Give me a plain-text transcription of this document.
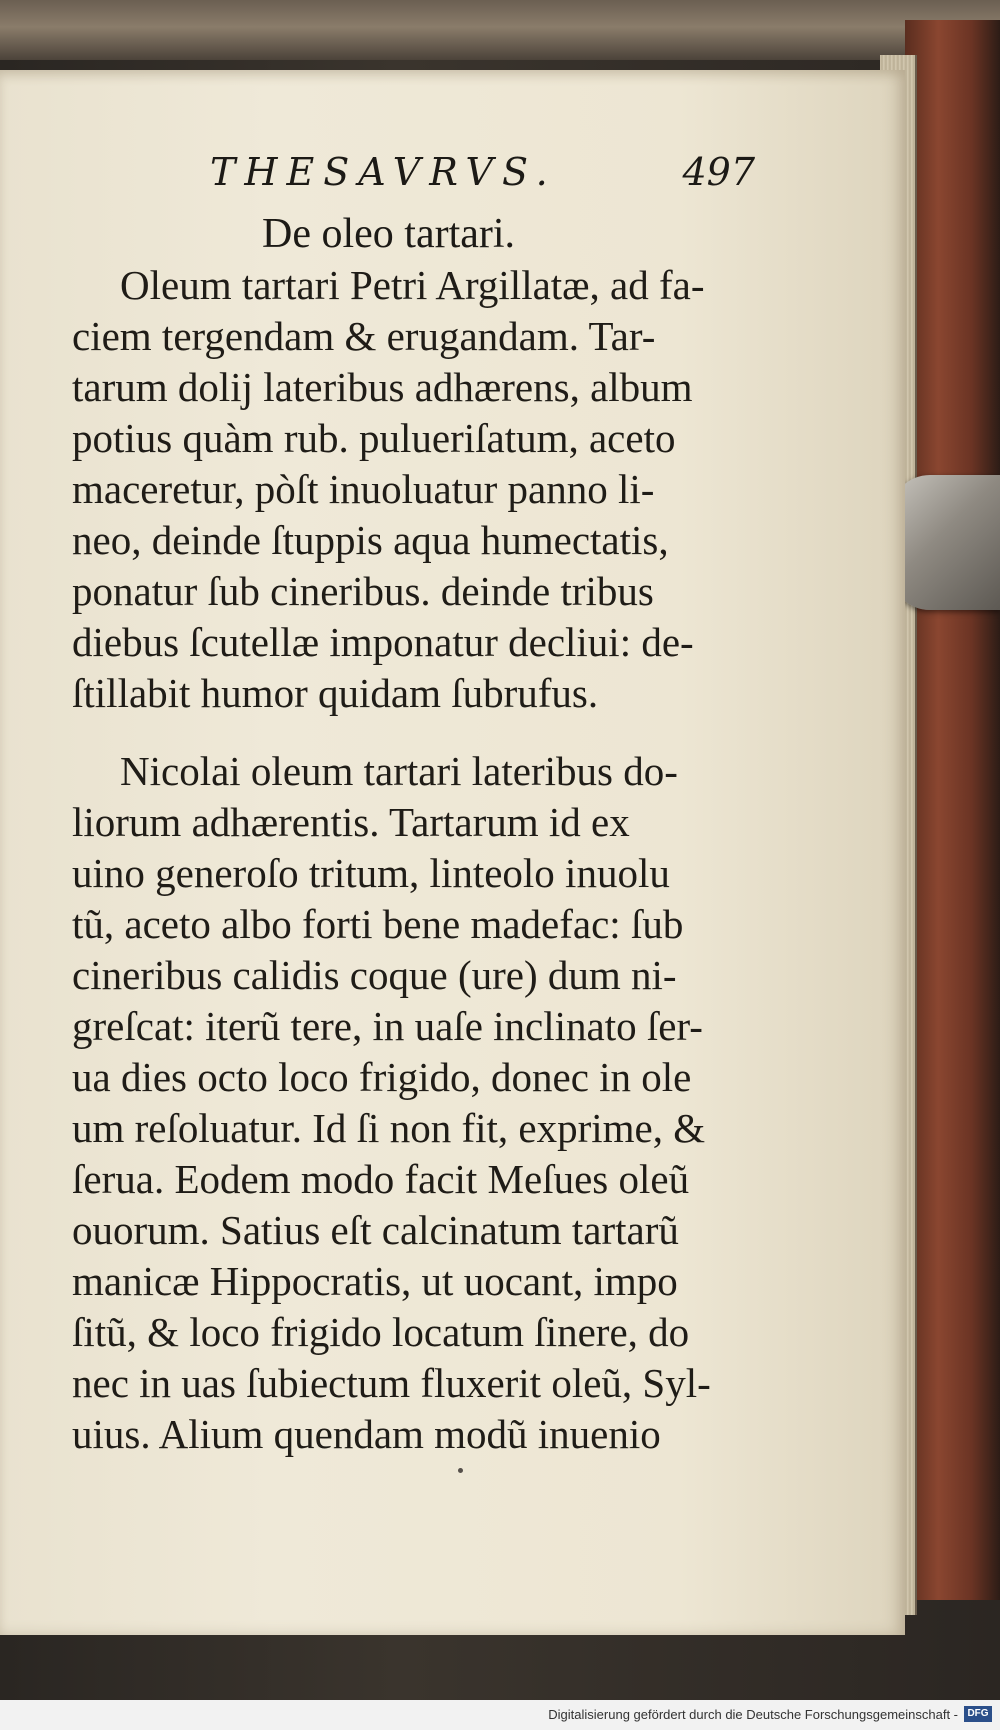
THESAVRVS.	497
De oleo tartari.
Oleum tartari Petri Argillatæ, ad fa-
ciem tergendam & erugandam. Tar-
tarum dolij lateribus adhærens, album
potius quàm rub. pulueriſatum, aceto
maceretur, pòſt inuoluatur panno li-
neo, deinde ſtuppis aqua humectatis,
ponatur ſub cineribus. deinde tribus
diebus ſcutellæ imponatur decliui: de-
ſtillabit humor quidam ſubrufus.
Nicolai oleum tartari lateribus do-
liorum adhærentis. Tartarum id ex
uino generoſo tritum, linteolo inuolu
tũ, aceto albo forti bene madefac: ſub
cineribus calidis coque (ure) dum ni-
greſcat: iterũ tere, in uaſe inclinato ſer-
ua dies octo loco frigido, donec in ole
um reſoluatur. Id ſi non fit, exprime, &
ſerua. Eodem modo facit Meſues oleũ
ouorum. Satius eſt calcinatum tartarũ
manicæ Hippocratis, ut uocant, impo
ſitũ, & loco frigido locatum ſinere, do
nec in uas ſubiectum fluxerit oleũ, Syl-
uius. Alium quendam modũ inuenio
Digitalisierung gefördert durch die Deutsche Forschungsgemeinschaft - DFG
